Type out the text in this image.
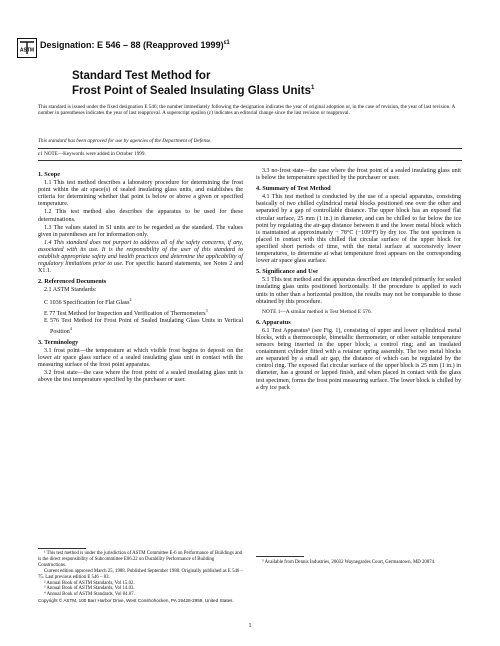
ASTM
Designation: E 546 – 88 (Reapproved 1999)$^{\varepsilon 1}$
Standard Test Method for
Frost Point of Sealed Insulating Glass Units$^1$
This standard is issued under the fixed designation E 546; the number immediately following the designation indicates the year of original adoption or, in the case of revision, the year of last revision. A number in parentheses indicates the year of last reapproval. A superscript epsilon (ε) indicates an editorial change since the last revision or reapproval.
This standard has been approved for use by agencies of the Department of Defense.
ε1 NOTE—Keywords were added in October 1999.
1. Scope

1.1 This test method describes a laboratory procedure for determining the frost point within the air space(s) of sealed insulating glass units, and establishes the criteria for determining whether that point is below or above a given or specified temperature.

1.2 This test method also describes the apparatus to be used for these determinations.

1.3 The values stated in SI units are to be regarded as the standard. The values given in parentheses are for information only.

1.4 This standard does not purport to address all of the safety concerns, if any, associated with its use. It is the responsibility of the user of this standard to establish appropriate safety and health practices and determine the applicability of regulatory limitations prior to use. For specific hazard statements, see Notes 2 and X1.1.

2. Referenced Documents

2.1 ASTM Standards:

C 1036 Specification for Flat Glass$^2$

E 77 Test Method for Inspection and Verification of Thermometers$^3$

E 576 Test Method for Frost Point of Sealed Insulating Glass Units in Vertical Position$^4$

3. Terminology

3.1 frost point—the temperature at which visible frost begins to deposit on the lower air space glass surface of a sealed insulating glass unit in contact with the measuring surface of the frost point apparatus.

3.2 frost state—the case where the frost point of a sealed insulating glass unit is above the test temperature specified by the purchaser or user.

3.3 no-frost state—the case where the frost point of a sealed insulating glass unit is below the temperature specified by the purchaser or user.

4. Summary of Test Method

4.1 This test method is conducted by the use of a special apparatus, consisting basically of two chilled cylindrical metal blocks positioned one over the other and separated by a gap of controllable distance. The upper block has an exposed flat circular surface, 25 mm (1 in.) in diameter, and can be chilled to far below the ice point by regulating the air-gap distance between it and the lower metal block which is maintained at approximately − 78°C (−109°F) by dry ice. The test specimen is placed in contact with this chilled flat circular surface of the upper block for specified short periods of time, with the metal surface at successively lower temperatures, to determine at what temperature frost appears on the corresponding lower air space glass surface.

5. Significance and Use

5.1 This test method and the apparatus described are intended primarily for sealed insulating glass units positioned horizontally. If the procedure is applied to such units in other than a horizontal position, the results may not be comparable to those obtained by this procedure.

NOTE 1—A similar method is Test Method E 576.

6. Apparatus

6.1 Test Apparatus⁵ (see Fig. 1), consisting of upper and lower cylindrical metal blocks, with a thermocouple, bimetallic thermometer, or other suitable temperature sensors being inserted in the upper block; a control ring; and an insulated containment cylinder fitted with a retainer spring assembly. The two metal blocks are separated by a small air gap, the distance of which can be regulated by the control ring. The exposed flat circular surface of the upper block is 25 mm (1 in.) in diameter, has a ground or lapped finish, and when placed in contact with the glass test specimen, forms the frost point measuring surface. The lower block is chilled by a dry ice pack

¹ This test method is under the jurisdiction of ASTM Committee E-6 on Performance of Buildings and is the direct responsibility of Subcommittee E06.22 on Durability Performance of Building Constructions.

Current edition approved March 25, 1988. Published September 1988. Originally published as E 546 – 75. Last previous edition E 546 – 83.

² Annual Book of ASTM Standards, Vol 15.02.

³ Annual Book of ASTM Standards, Vol 14.03.

⁴ Annual Book of ASTM Standards, Vol 04.07.

⁵ Available from Dennis Industries, 20032 Waynegardes Court, Germantown, MD 20874.
Copyright © ASTM, 100 Barr Harbor Drive, West Conshohocken, PA 19428-2959, United States.
1
